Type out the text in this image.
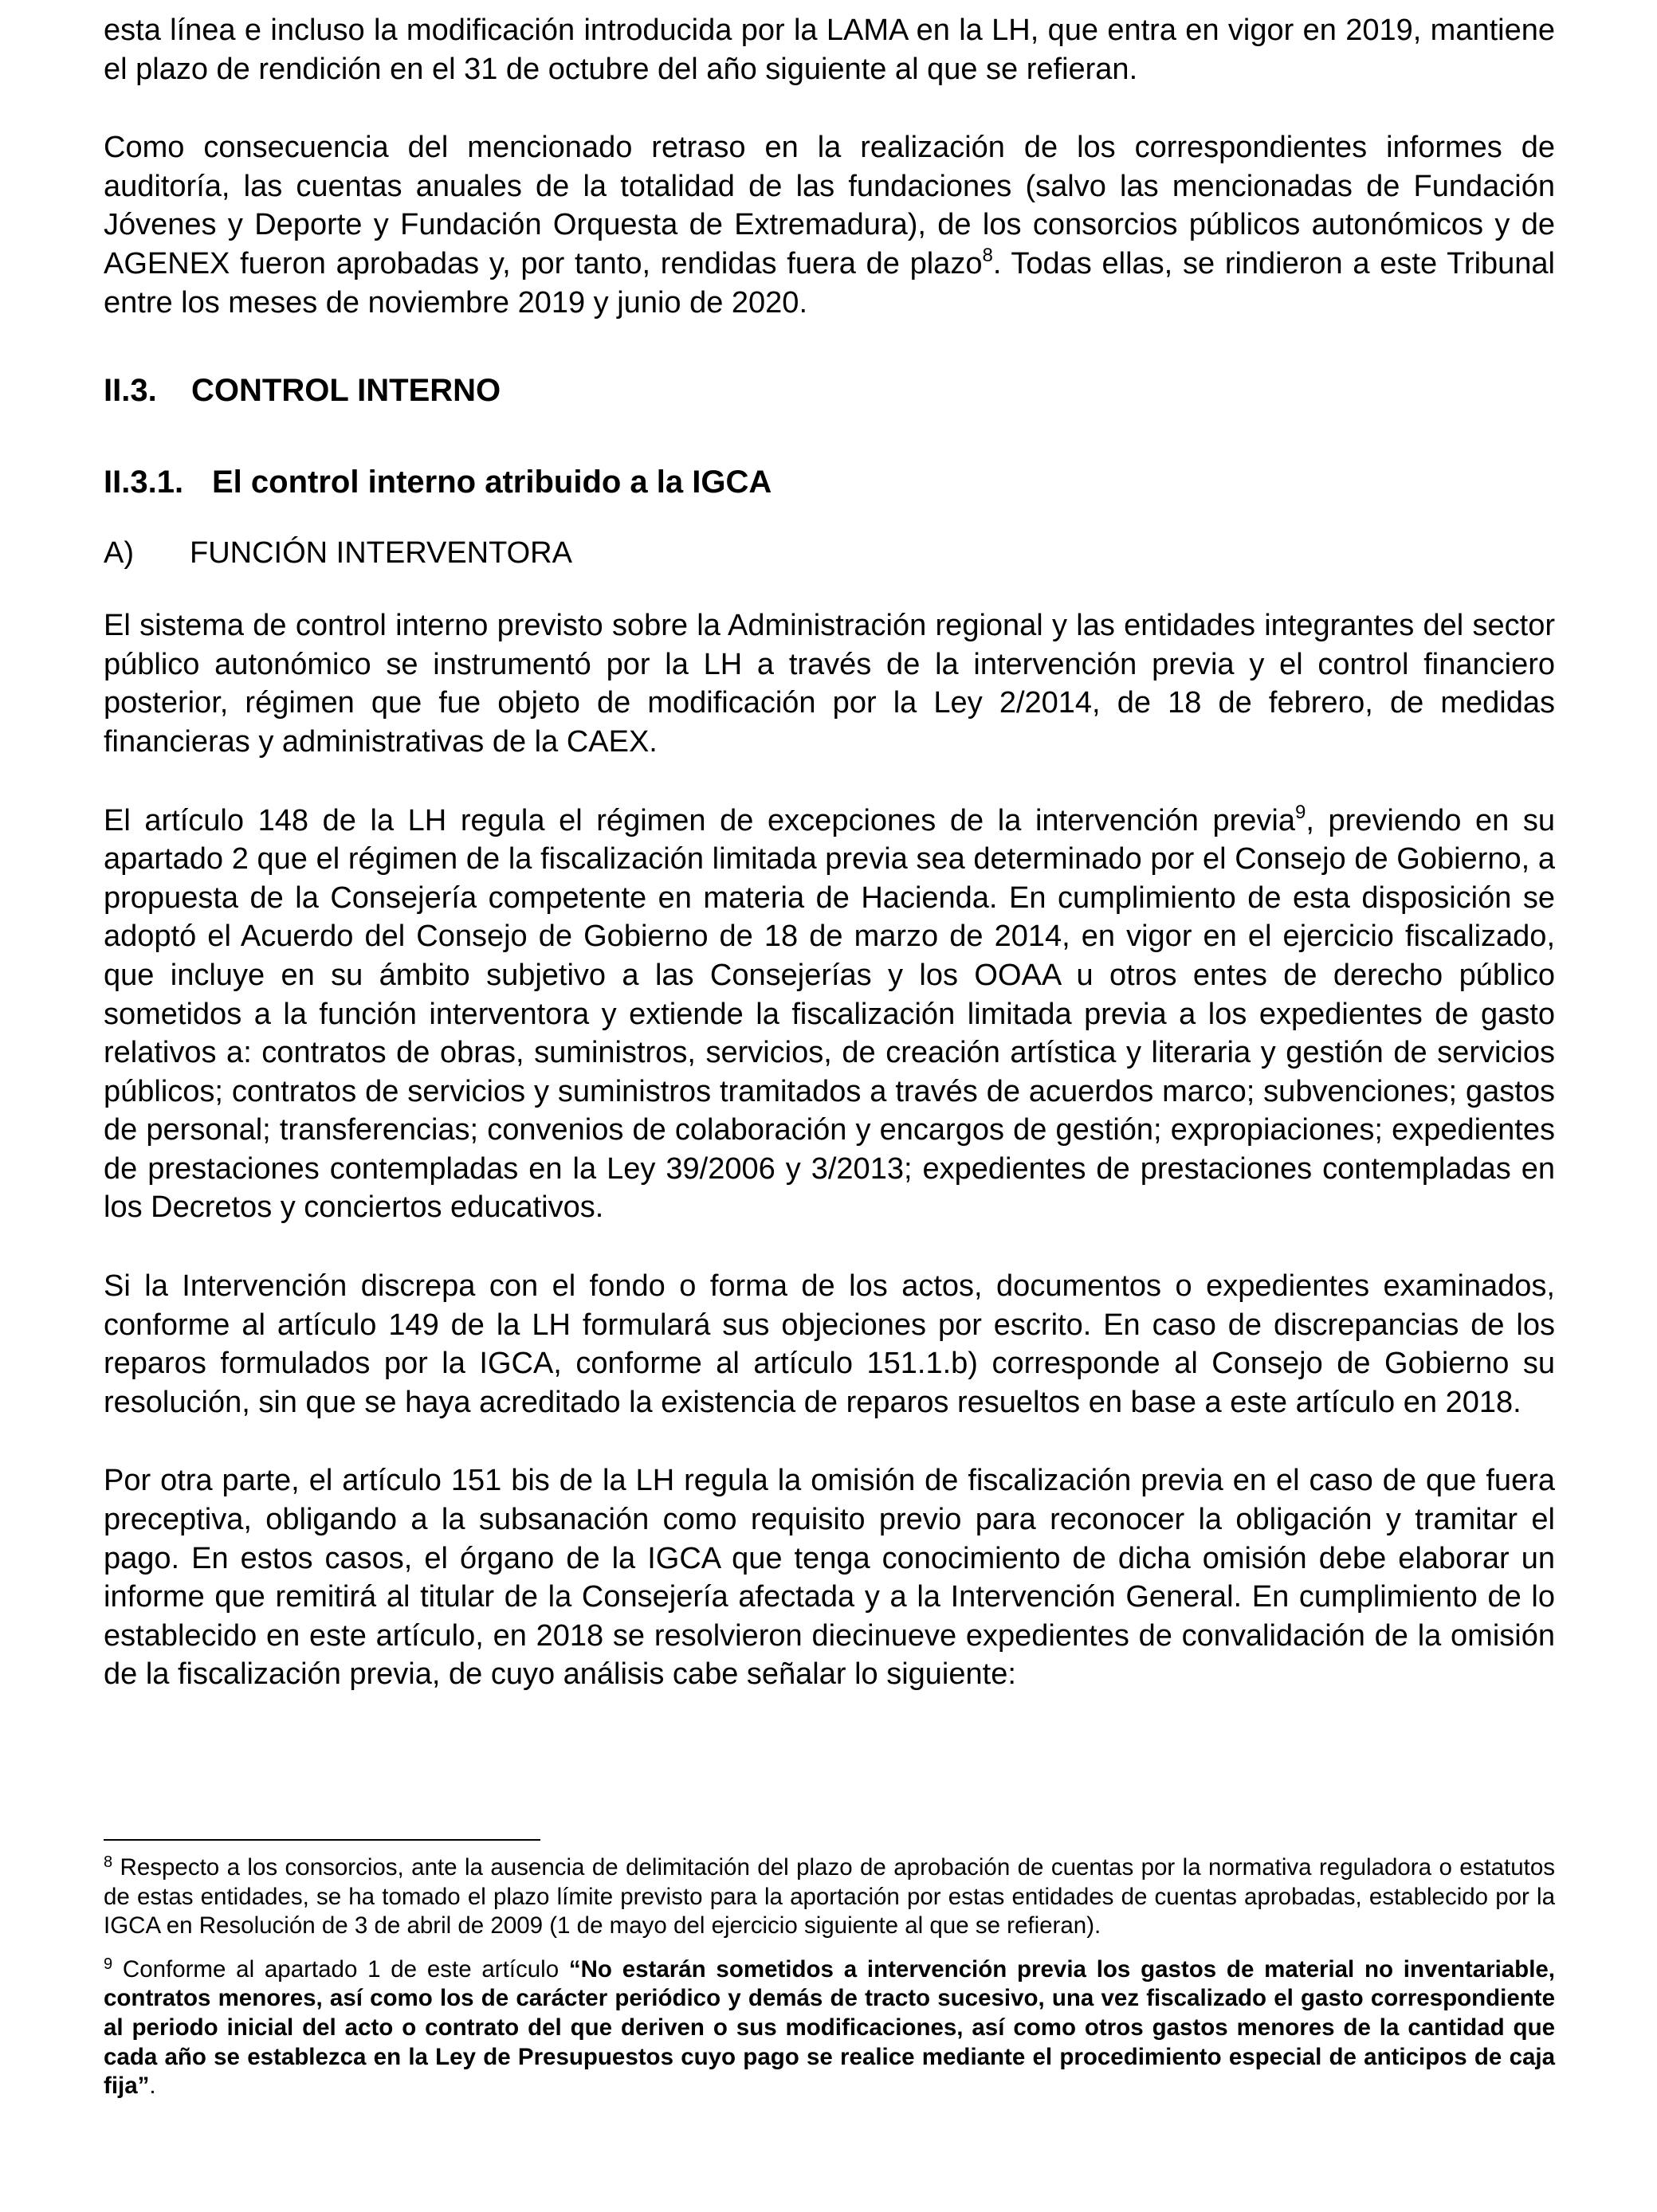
esta línea e incluso la modificación introducida por la LAMA en la LH, que entra en vigor en 2019, mantiene el plazo de rendición en el 31 de octubre del año siguiente al que se refieran.

Como consecuencia del mencionado retraso en la realización de los correspondientes informes de auditoría, las cuentas anuales de la totalidad de las fundaciones (salvo las mencionadas de Fundación Jóvenes y Deporte y Fundación Orquesta de Extremadura), de los consorcios públicos autonómicos y de AGENEX fueron aprobadas y, por tanto, rendidas fuera de plazo$^8$. Todas ellas, se rindieron a este Tribunal entre los meses de noviembre 2019 y junio de 2020.

II.3. CONTROL INTERNO
II.3.1. El control interno atribuido a la IGCA
A) FUNCIÓN INTERVENTORA

El sistema de control interno previsto sobre la Administración regional y las entidades integrantes del sector público autonómico se instrumentó por la LH a través de la intervención previa y el control financiero posterior, régimen que fue objeto de modificación por la Ley 2/2014, de 18 de febrero, de medidas financieras y administrativas de la CAEX.

El artículo 148 de la LH regula el régimen de excepciones de la intervención previa$^9$, previendo en su apartado 2 que el régimen de la fiscalización limitada previa sea determinado por el Consejo de Gobierno, a propuesta de la Consejería competente en materia de Hacienda. En cumplimiento de esta disposición se adoptó el Acuerdo del Consejo de Gobierno de 18 de marzo de 2014, en vigor en el ejercicio fiscalizado, que incluye en su ámbito subjetivo a las Consejerías y los OOAA u otros entes de derecho público sometidos a la función interventora y extiende la fiscalización limitada previa a los expedientes de gasto relativos a: contratos de obras, suministros, servicios, de creación artística y literaria y gestión de servicios públicos; contratos de servicios y suministros tramitados a través de acuerdos marco; subvenciones; gastos de personal; transferencias; convenios de colaboración y encargos de gestión; expropiaciones; expedientes de prestaciones contempladas en la Ley 39/2006 y 3/2013; expedientes de prestaciones contempladas en los Decretos y conciertos educativos.

Si la Intervención discrepa con el fondo o forma de los actos, documentos o expedientes examinados, conforme al artículo 149 de la LH formulará sus objeciones por escrito. En caso de discrepancias de los reparos formulados por la IGCA, conforme al artículo 151.1.b) corresponde al Consejo de Gobierno su resolución, sin que se haya acreditado la existencia de reparos resueltos en base a este artículo en 2018.

Por otra parte, el artículo 151 bis de la LH regula la omisión de fiscalización previa en el caso de que fuera preceptiva, obligando a la subsanación como requisito previo para reconocer la obligación y tramitar el pago. En estos casos, el órgano de la IGCA que tenga conocimiento de dicha omisión debe elaborar un informe que remitirá al titular de la Consejería afectada y a la Intervención General. En cumplimiento de lo establecido en este artículo, en 2018 se resolvieron diecinueve expedientes de convalidación de la omisión de la fiscalización previa, de cuyo análisis cabe señalar lo siguiente:

$^8$ Respecto a los consorcios, ante la ausencia de delimitación del plazo de aprobación de cuentas por la normativa reguladora o estatutos de estas entidades, se ha tomado el plazo límite previsto para la aportación por estas entidades de cuentas aprobadas, establecido por la IGCA en Resolución de 3 de abril de 2009 (1 de mayo del ejercicio siguiente al que se refieran).

$^9$ Conforme al apartado 1 de este artículo “No estarán sometidos a intervención previa los gastos de material no inventariable, contratos menores, así como los de carácter periódico y demás de tracto sucesivo, una vez fiscalizado el gasto correspondiente al periodo inicial del acto o contrato del que deriven o sus modificaciones, así como otros gastos menores de la cantidad que cada año se establezca en la Ley de Presupuestos cuyo pago se realice mediante el procedimiento especial de anticipos de caja fija”.
